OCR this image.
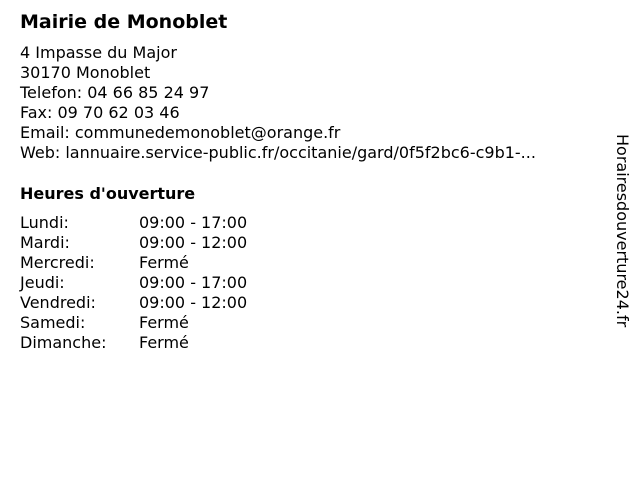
Mairie de Monoblet
4 Impasse du Major
30170 Monoblet
Telefon: 04 66 85 24 97
Fax: 09 70 62 03 46
Email: communedemonoblet@orange.fr
Web: lannuaire.service-public.fr/occitanie/gard/0f5f2bc6-c9b1-...
Heures d'ouverture
Lundi:	09:00 - 17:00
Mardi:	09:00 - 12:00
Mercredi:	Fermé
Jeudi:	09:00 - 17:00
Vendredi:	09:00 - 12:00
Samedi:	Fermé
Dimanche: Fermé
Horairesdouverture24.fr
